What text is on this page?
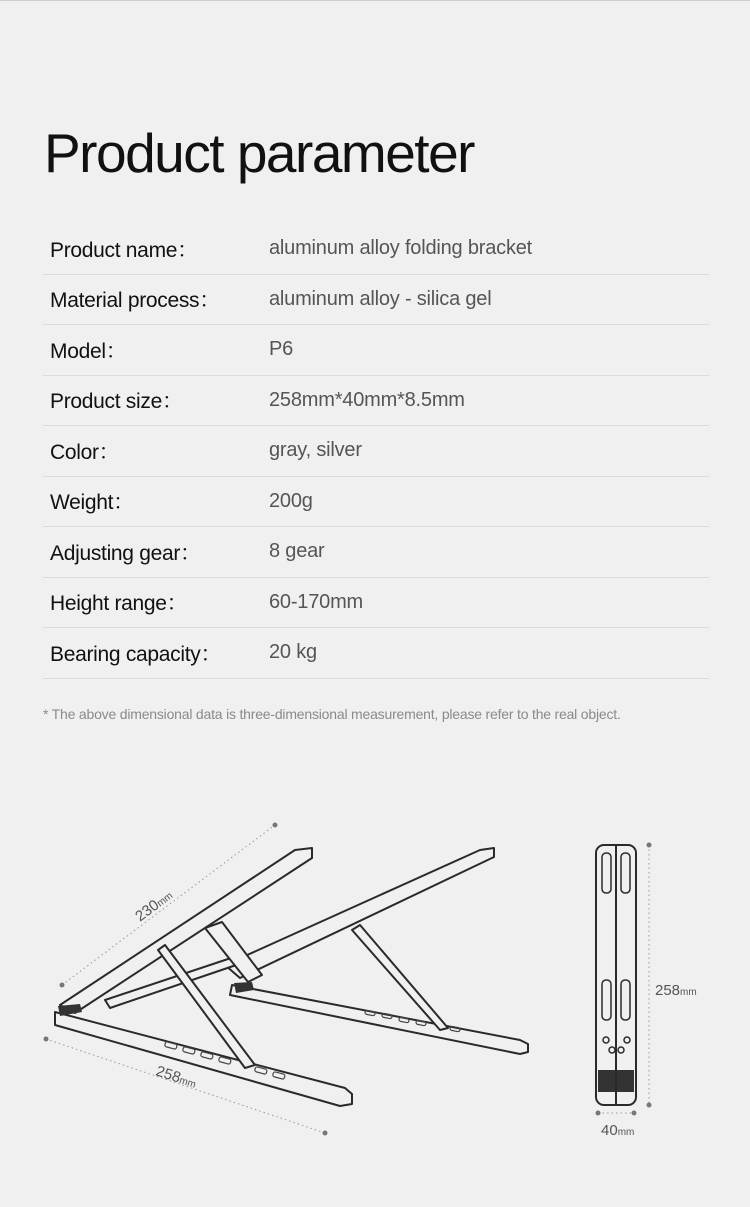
Product parameter
Product name：	aluminum alloy folding bracket
Material process：	aluminum alloy - silica gel
Model：	P6
Product size：	258mm*40mm*8.5mm
Color：	gray, silver
Weight：	200g
Adjusting gear：	8 gear
Height range：	60-170mm
Bearing capacity：	20 kg
* The above dimensional data is three-dimensional measurement, please refer to the real object.
230mm
258mm
258mm
40mm
